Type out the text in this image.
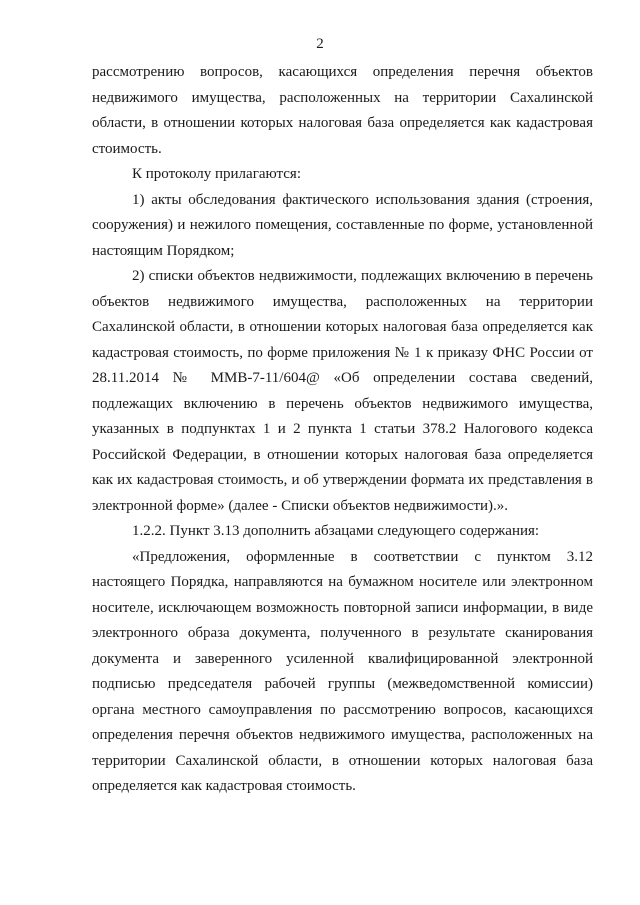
2

рассмотрению вопросов, касающихся определения перечня объектов недвижимого имущества, расположенных на территории Сахалинской области, в отношении которых налоговая база определяется как кадастровая стоимость.

К протоколу прилагаются:

1) акты обследования фактического использования здания (строения, сооружения) и нежилого помещения, составленные по форме, установленной настоящим Порядком;

2) списки объектов недвижимости, подлежащих включению в перечень объектов недвижимого имущества, расположенных на территории Сахалинской области, в отношении которых налоговая база определяется как кадастровая стоимость, по форме приложения № 1 к приказу ФНС России от 28.11.2014 № ММВ-7-11/604@ «Об определении состава сведений, подлежащих включению в перечень объектов недвижимого имущества, указанных в подпунктах 1 и 2 пункта 1 статьи 378.2 Налогового кодекса Российской Федерации, в отношении которых налоговая база определяется как их кадастровая стоимость, и об утверждении формата их представления в электронной форме» (далее - Списки объектов недвижимости).».

1.2.2. Пункт 3.13 дополнить абзацами следующего содержания:

«Предложения, оформленные в соответствии с пунктом 3.12 настоящего Порядка, направляются на бумажном носителе или электронном носителе, исключающем возможность повторной записи информации, в виде электронного образа документа, полученного в результате сканирования документа и заверенного усиленной квалифицированной электронной подписью председателя рабочей группы (межведомственной комиссии) органа местного самоуправления по рассмотрению вопросов, касающихся определения перечня объектов недвижимого имущества, расположенных на территории Сахалинской области, в отношении которых налоговая база определяется как кадастровая стоимость.
